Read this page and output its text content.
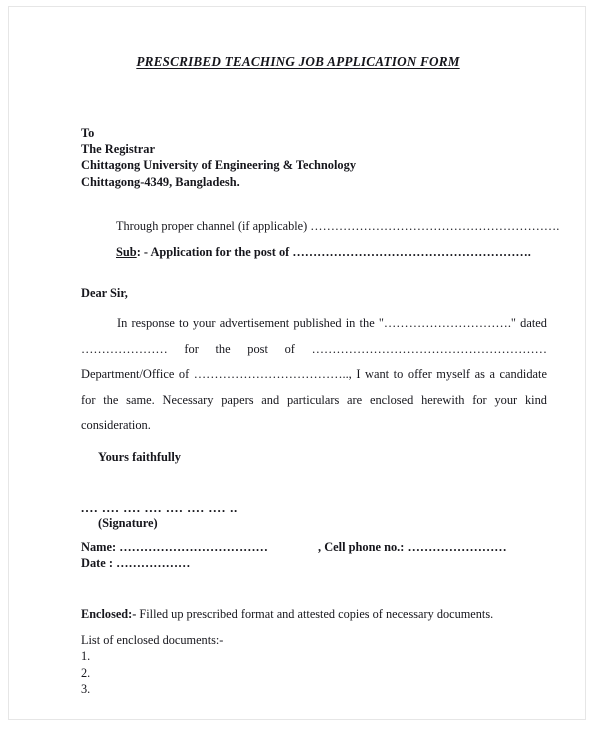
PRESCRIBED TEACHING JOB APPLICATION FORM
To
The Registrar
Chittagong University of Engineering & Technology
Chittagong-4349, Bangladesh.
Through proper channel (if applicable) …………………………………………………….
Sub: - Application for the post of ………………………………………………….
Dear Sir,
In response to your advertisement published in the "…………………………." dated ………………… for the post of ………………………………………………… Department/Office of ……………………………….., I want to offer myself as a candidate for the same. Necessary papers and particulars are enclosed herewith for your kind consideration.
Yours faithfully
.… .… .… .… .… .… .… ..
(Signature)
Name: ………………………………	, Cell phone no.: ……………………
Date : ………………
Enclosed:- Filled up prescribed format and attested copies of necessary documents.
List of enclosed documents:-
1.
2.
3.
